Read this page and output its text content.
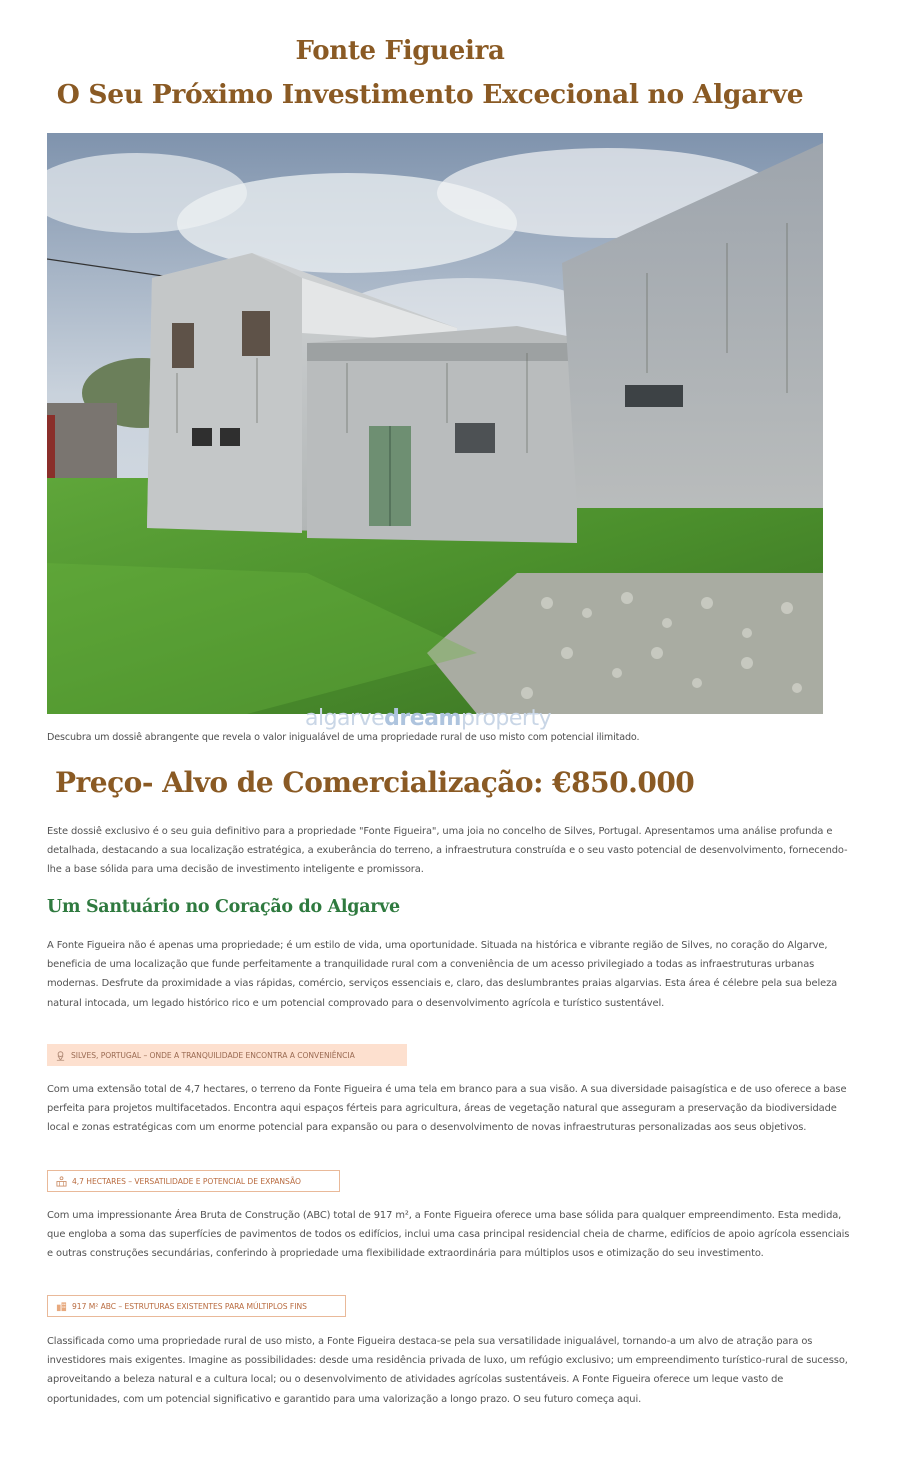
Fonte Figueira
O Seu Próximo Investimento Excecional no Algarve
algarvedreamproperty

Descubra um dossiê abrangente que revela o valor inigualável de uma propriedade rural de uso misto com potencial ilimitado.

Preço- Alvo de Comercialização: €850.000

Este dossiê exclusivo é o seu guia definitivo para a propriedade "Fonte Figueira", uma joia no concelho de Silves, Portugal. Apresentamos uma análise profunda e detalhada, destacando a sua localização estratégica, a exuberância do terreno, a infraestrutura construída e o seu vasto potencial de desenvolvimento, fornecendo-lhe a base sólida para uma decisão de investimento inteligente e promissora.

Um Santuário no Coração do Algarve

A Fonte Figueira não é apenas uma propriedade; é um estilo de vida, uma oportunidade. Situada na histórica e vibrante região de Silves, no coração do Algarve, beneficia de uma localização que funde perfeitamente a tranquilidade rural com a conveniência de um acesso privilegiado a todas as infraestruturas urbanas modernas. Desfrute da proximidade a vias rápidas, comércio, serviços essenciais e, claro, das deslumbrantes praias algarvias. Esta área é célebre pela sua beleza natural intocada, um legado histórico rico e um potencial comprovado para o desenvolvimento agrícola e turístico sustentável.

SILVES, PORTUGAL – ONDE A TRANQUILIDADE ENCONTRA A CONVENIÊNCIA

Com uma extensão total de 4,7 hectares, o terreno da Fonte Figueira é uma tela em branco para a sua visão. A sua diversidade paisagística e de uso oferece a base perfeita para projetos multifacetados. Encontra aqui espaços férteis para agricultura, áreas de vegetação natural que asseguram a preservação da biodiversidade local e zonas estratégicas com um enorme potencial para expansão ou para o desenvolvimento de novas infraestruturas personalizadas aos seus objetivos.

4,7 HECTARES – VERSATILIDADE E POTENCIAL DE EXPANSÃO

Com uma impressionante Área Bruta de Construção (ABC) total de 917 m², a Fonte Figueira oferece uma base sólida para qualquer empreendimento. Esta medida, que engloba a soma das superfícies de pavimentos de todos os edifícios, inclui uma casa principal residencial cheia de charme, edifícios de apoio agrícola essenciais e outras construções secundárias, conferindo à propriedade uma flexibilidade extraordinária para múltiplos usos e otimização do seu investimento.

917 M² ABC – ESTRUTURAS EXISTENTES PARA MÚLTIPLOS FINS

Classificada como uma propriedade rural de uso misto, a Fonte Figueira destaca-se pela sua versatilidade inigualável, tornando-a um alvo de atração para os investidores mais exigentes. Imagine as possibilidades: desde uma residência privada de luxo, um refúgio exclusivo; um empreendimento turístico-rural de sucesso, aproveitando a beleza natural e a cultura local; ou o desenvolvimento de atividades agrícolas sustentáveis. A Fonte Figueira oferece um leque vasto de oportunidades, com um potencial significativo e garantido para uma valorização a longo prazo. O seu futuro começa aqui.
